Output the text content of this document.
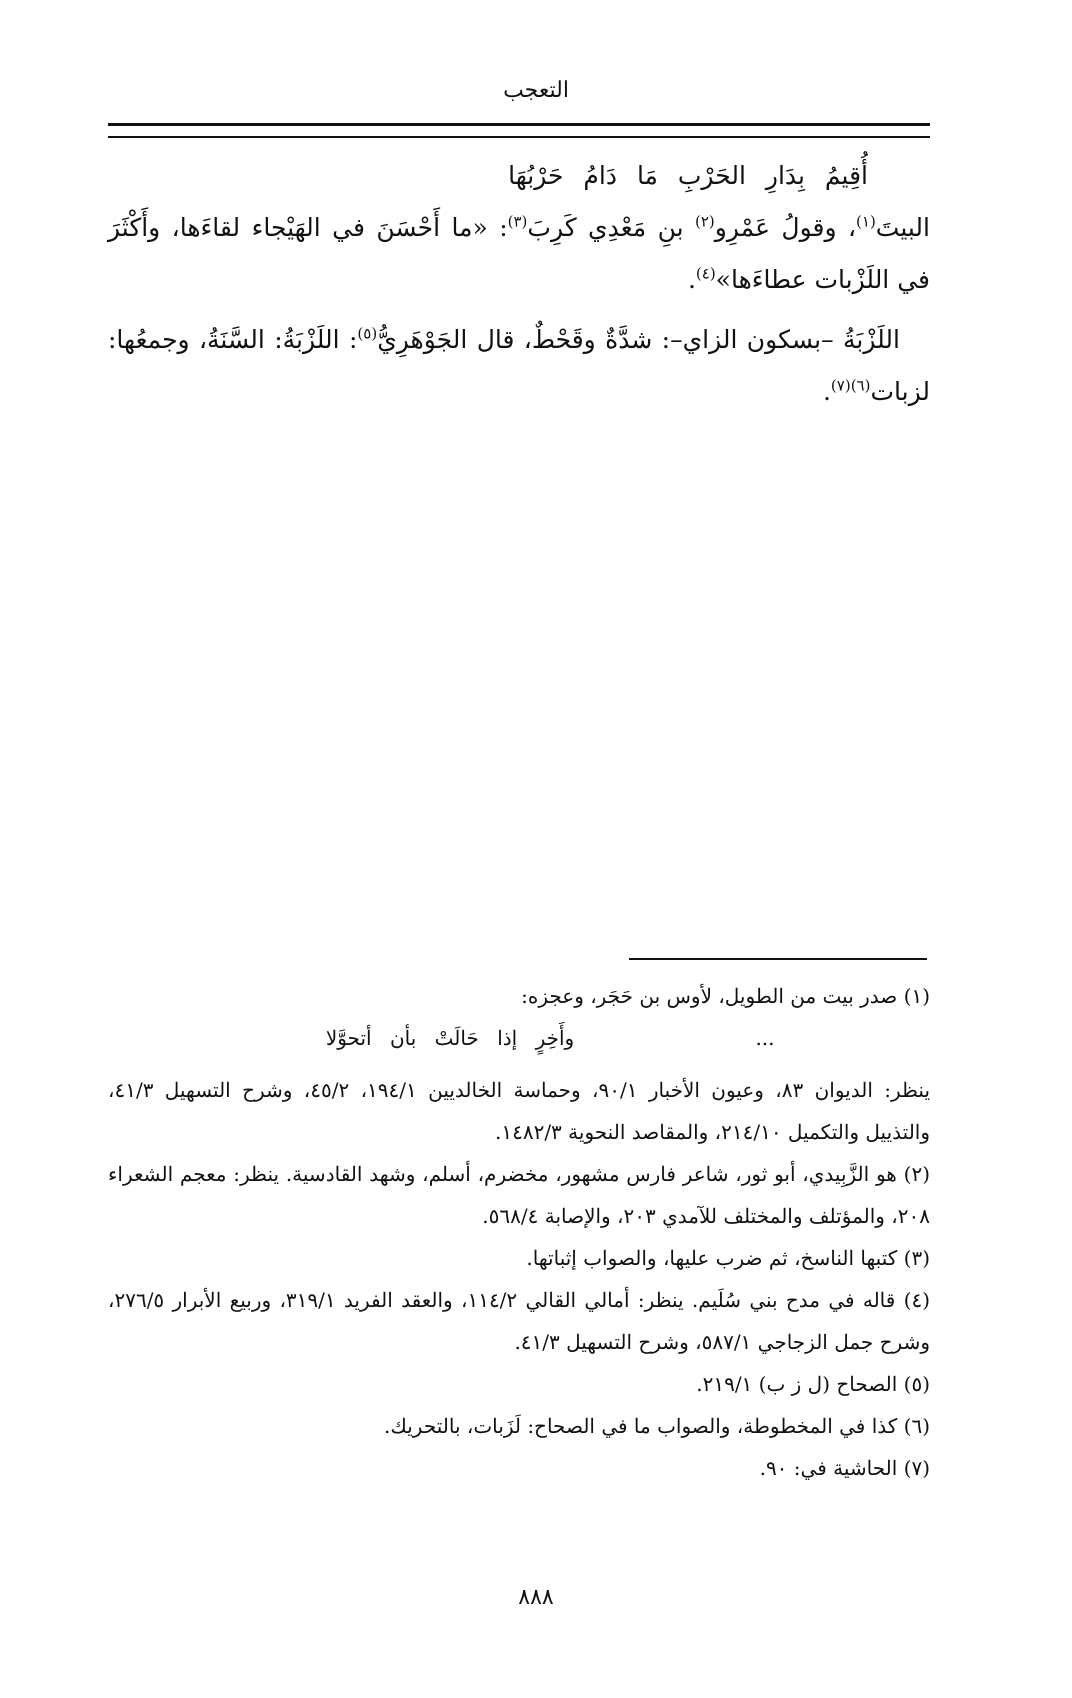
التعجب

أُقِيمُ بِدَارِ الحَرْبِ مَا دَامُ حَرْبُهَا

البيتَ$^{(١)}$، وقولُ عَمْرِو$^{(٢)}$ بنِ مَعْدِي كَرِبَ$^{(٣)}$: «ما أَحْسَنَ في الهَيْجاء لقاءَها، وأَكْثَرَ في اللَزْبات عطاءَها»$^{(٤)}$.

اللَزْبَةُ –بسكون الزاي–: شدَّةٌ وقَحْطٌ، قال الجَوْهَرِيُّ$^{(٥)}$: اللَزْبَةُ: السَّنَةُ، وجمعُها: لزبات$^{(٦)(٧)}$.

(١) صدر بيت من الطويل، لأوس بن حَجَر، وعجزه:

...
وأَخِرٍ إذا حَالَتْ بأن أتحوَّلا

ينظر: الديوان ٨٣، وعيون الأخبار ٩٠/١، وحماسة الخالديين ١٩٤/١، ٤٥/٢، وشرح التسهيل ٤١/٣، والتذييل والتكميل ٢١٤/١٠، والمقاصد النحوية ١٤٨٢/٣.

(٢) هو الزَّبِيدي، أبو ثور، شاعر فارس مشهور، مخضرم، أسلم، وشهد القادسية. ينظر: معجم الشعراء ٢٠٨، والمؤتلف والمختلف للآمدي ٢٠٣، والإصابة ٥٦٨/٤.

(٣) كتبها الناسخ، ثم ضرب عليها، والصواب إثباتها.

(٤) قاله في مدح بني سُلَيم. ينظر: أمالي القالي ١١٤/٢، والعقد الفريد ٣١٩/١، وربيع الأبرار ٢٧٦/٥، وشرح جمل الزجاجي ٥٨٧/١، وشرح التسهيل ٤١/٣.

(٥) الصحاح (ل ز ب) ٢١٩/١.

(٦) كذا في المخطوطة، والصواب ما في الصحاح: لَزَبات، بالتحريك.

(٧) الحاشية في: ٩٠.

٨٨٨
